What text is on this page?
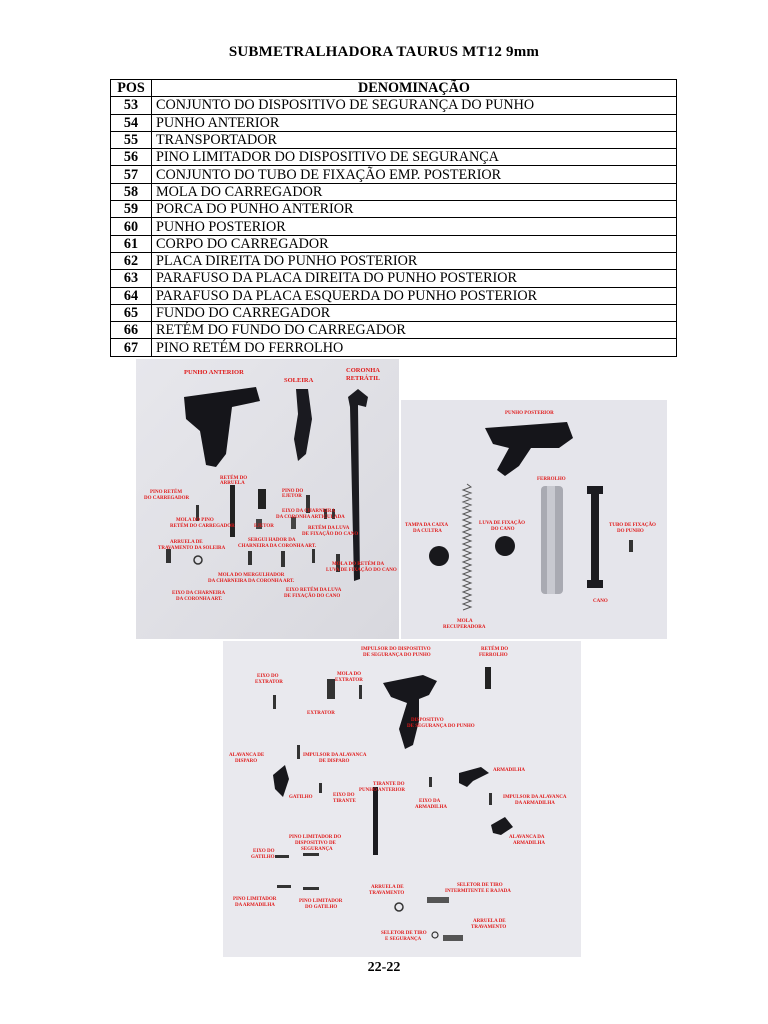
SUBMETRALHADORA TAURUS MT12 9mm
POS	DENOMINAÇÃO
53	CONJUNTO DO DISPOSITIVO DE SEGURANÇA DO PUNHO
54	PUNHO ANTERIOR
55	TRANSPORTADOR
56	PINO LIMITADOR DO DISPOSITIVO DE SEGURANÇA
57	CONJUNTO DO TUBO DE FIXAÇÃO EMP. POSTERIOR
58	MOLA DO CARREGADOR
59	PORCA DO PUNHO ANTERIOR
60	PUNHO POSTERIOR
61	CORPO DO CARREGADOR
62	PLACA DIREITA DO PUNHO POSTERIOR
63	PARAFUSO DA PLACA DIREITA DO PUNHO POSTERIOR
64	PARAFUSO DA PLACA ESQUERDA DO PUNHO POSTERIOR
65	FUNDO DO CARREGADOR
66	RETÉM DO FUNDO DO CARREGADOR
67	PINO RETÉM DO FERROLHO
PUNHO ANTERIOR
SOLEIRA
CORONHA
RETRÁTIL
RETÉM DO
ARRUELA
PINO DO
EJETOR
PINO RETÉM
DO CARREGADOR
EIXO DA CHARNEIRA
DA CORONHA ARTICULADA
MOLA DO PINO
RETÉM DO CARREGADOR	EJETOR	RETÉM DA LUVA
DE FIXAÇÃO DO CANO
ARRUELA DE
TRAVAMENTO DA SOLEIRA
SERGUI HADOR DA
CHARNEIRA DA CORONHA ART.
MOLA DO RETÉM DA
LUVA DE FIXAÇÃO DO CANO
MOLA DO MERGULHADOR
DA CHARNEIRA DA CORONHA ART.
EIXO DA CHARNEIRA
DA CORONHA ART.
EIXO RETÉM DA LUVA
DE FIXAÇÃO DO CANO
PUNHO POSTERIOR
FERROLHO
TAMPA DA CAIXA
DA CULTRA
LUVA DE FIXAÇÃO
DO CANO
TUBO DE FIXAÇÃO
DO PUNHO
CANO
MOLA
RECUPERADORA
IMPULSOR DO DISPOSITIVO
DE SEGURANÇA DO PUNHO
RETÉM DO
FERROLHO
EIXO DO
EXTRATOR
MOLA DO
EXTRATOR
EXTRATOR
DISPOSITIVO
DE SEGURANÇA DO PUNHO
ALAVANCA DE
DISPARO
IMPULSOR DA ALAVANCA
DE DISPARO
ARMADILHA
TIRANTE DO
PUNHO ANTERIOR
IMPULSOR DA ALAVANCA
DA ARMADILHA
GATILHO	EIXO DO
TIRANTE	EIXO DA
ARMADILHA
ALAVANCA DA
ARMADILHA
PINO LIMITADOR DO
DISPOSITIVO DE
SEGURANÇA
EIXO DO
GATILHO
ARRUELA DE
TRAVAMENTO
SELETOR DE TIRO
INTERMITENTE E RAJADA
PINO LIMITADOR
DA ARMADILHA
PINO LIMITADOR
DO GATILHO
ARRUELA DE
TRAVAMENTO
SELETOR DE TIRO
E SEGURANÇA
22-22
